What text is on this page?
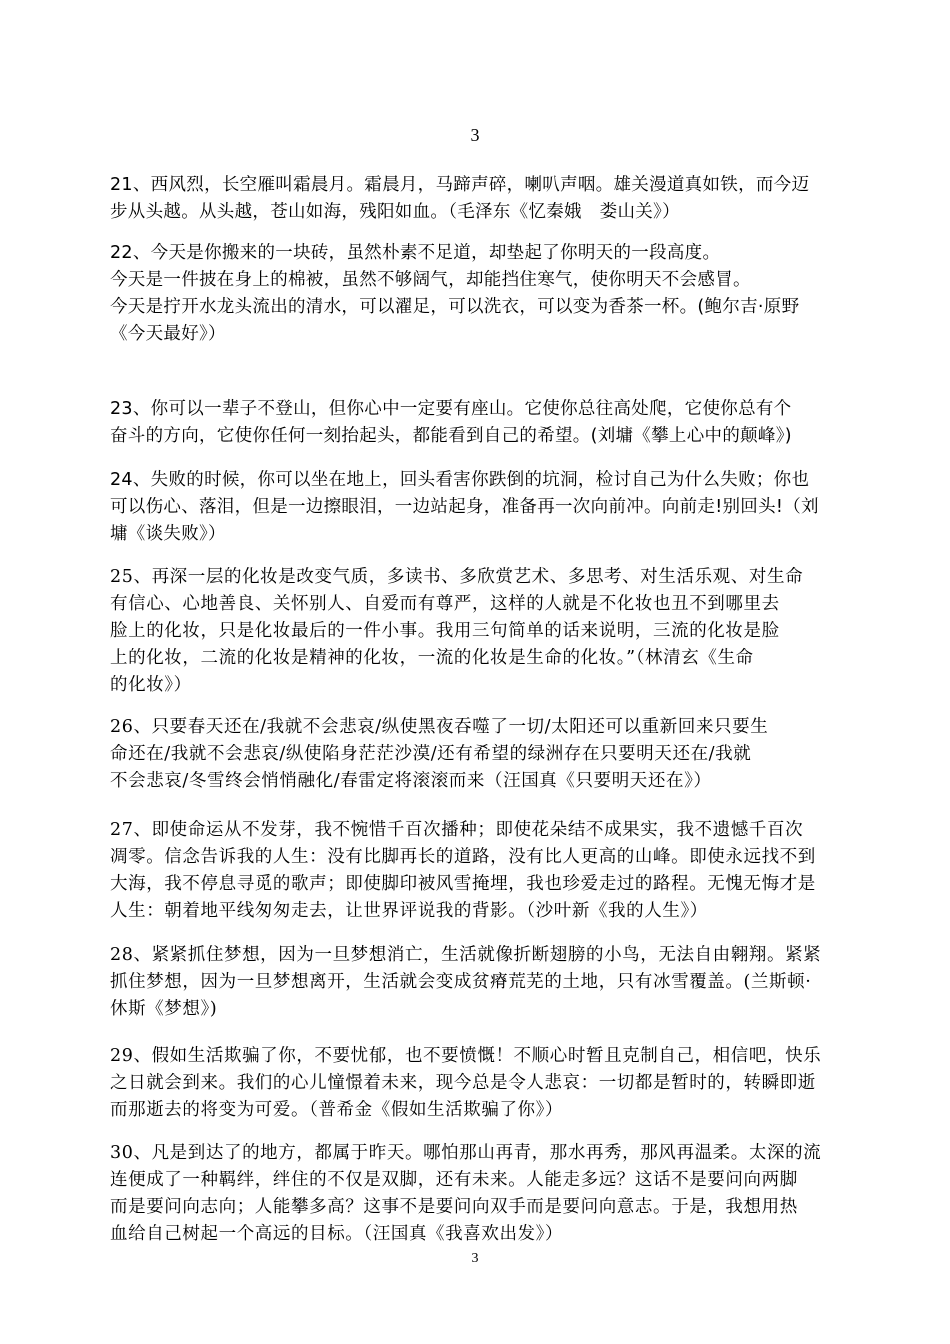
3
21、西风烈，长空雁叫霜晨月。霜晨月，马蹄声碎，喇叭声咽。雄关漫道真如铁，而今迈
步从头越。从头越，苍山如海，残阳如血。（毛泽东《忆秦娥　娄山关》）
22、今天是你搬来的一块砖，虽然朴素不足道，却垫起了你明天的一段高度。
今天是一件披在身上的棉被，虽然不够阔气，却能挡住寒气，使你明天不会感冒。
今天是拧开水龙头流出的清水，可以濯足，可以洗衣，可以变为香茶一杯。(鲍尔吉·原野
《今天最好》）
23、你可以一辈子不登山，但你心中一定要有座山。它使你总往高处爬，它使你总有个
奋斗的方向，它使你任何一刻抬起头，都能看到自己的希望。(刘墉《攀上心中的颠峰》)
24、失败的时候，你可以坐在地上，回头看害你跌倒的坑洞，检讨自己为什么失败；你也
可以伤心、落泪，但是一边擦眼泪，一边站起身，准备再一次向前冲。向前走!别回头!（刘
墉《谈失败》）
25、再深一层的化妆是改变气质，多读书、多欣赏艺术、多思考、对生活乐观、对生命
有信心、心地善良、关怀别人、自爱而有尊严，这样的人就是不化妆也丑不到哪里去
脸上的化妆，只是化妆最后的一件小事。我用三句简单的话来说明，三流的化妆是脸
上的化妆，二流的化妆是精神的化妆，一流的化妆是生命的化妆。”（林清玄《生命
的化妆》）
26、只要春天还在/我就不会悲哀/纵使黑夜吞噬了一切/太阳还可以重新回来只要生
命还在/我就不会悲哀/纵使陷身茫茫沙漠/还有希望的绿洲存在只要明天还在/我就
不会悲哀/冬雪终会悄悄融化/春雷定将滚滚而来（汪国真《只要明天还在》）
27、即使命运从不发芽，我不惋惜千百次播种；即使花朵结不成果实，我不遗憾千百次
凋零。信念告诉我的人生：没有比脚再长的道路，没有比人更高的山峰。即使永远找不到
大海，我不停息寻觅的歌声；即使脚印被风雪掩埋，我也珍爱走过的路程。无愧无悔才是
人生：朝着地平线匆匆走去，让世界评说我的背影。（沙叶新《我的人生》）
28、紧紧抓住梦想，因为一旦梦想消亡，生活就像折断翅膀的小鸟，无法自由翱翔。紧紧
抓住梦想，因为一旦梦想离开，生活就会变成贫瘠荒芜的土地，只有冰雪覆盖。(兰斯顿·
休斯《梦想》)
29、假如生活欺骗了你，不要忧郁，也不要愤慨！不顺心时暂且克制自己，相信吧，快乐
之日就会到来。我们的心儿憧憬着未来，现今总是令人悲哀：一切都是暂时的，转瞬即逝
而那逝去的将变为可爱。（普希金《假如生活欺骗了你》）
30、凡是到达了的地方，都属于昨天。哪怕那山再青，那水再秀，那风再温柔。太深的流
连便成了一种羁绊，绊住的不仅是双脚，还有未来。人能走多远？这话不是要问向两脚
而是要问向志向；人能攀多高？这事不是要问向双手而是要问向意志。于是，我想用热
血给自己树起一个高远的目标。（汪国真《我喜欢出发》）
3
